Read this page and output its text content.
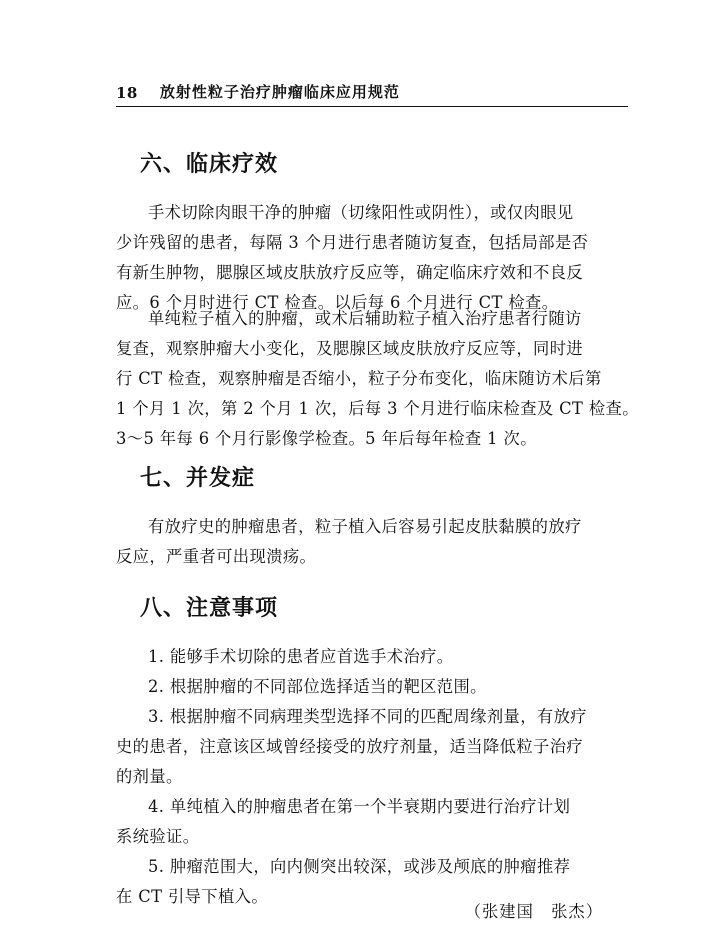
18 放射性粒子治疗肿瘤临床应用规范
六、临床疗效
手术切除肉眼干净的肿瘤（切缘阳性或阴性），或仅肉眼见
少许残留的患者，每隔 3 个月进行患者随访复查，包括局部是否
有新生肿物，腮腺区域皮肤放疗反应等，确定临床疗效和不良反
应。6 个月时进行 CT 检查。以后每 6 个月进行 CT 检查。
单纯粒子植入的肿瘤，或术后辅助粒子植入治疗患者行随访
复查，观察肿瘤大小变化，及腮腺区域皮肤放疗反应等，同时进
行 CT 检查，观察肿瘤是否缩小，粒子分布变化，临床随访术后第
1 个月 1 次，第 2 个月 1 次，后每 3 个月进行临床检查及 CT 检查。
3～5 年每 6 个月行影像学检查。5 年后每年检查 1 次。
七、并发症
有放疗史的肿瘤患者，粒子植入后容易引起皮肤黏膜的放疗
反应，严重者可出现溃疡。
八、注意事项
1. 能够手术切除的患者应首选手术治疗。
2. 根据肿瘤的不同部位选择适当的靶区范围。
3. 根据肿瘤不同病理类型选择不同的匹配周缘剂量，有放疗
史的患者，注意该区域曾经接受的放疗剂量，适当降低粒子治疗
的剂量。
4. 单纯植入的肿瘤患者在第一个半衰期内要进行治疗计划
系统验证。
5. 肿瘤范围大，向内侧突出较深，或涉及颅底的肿瘤推荐
在 CT 引导下植入。
（张建国　张杰）
